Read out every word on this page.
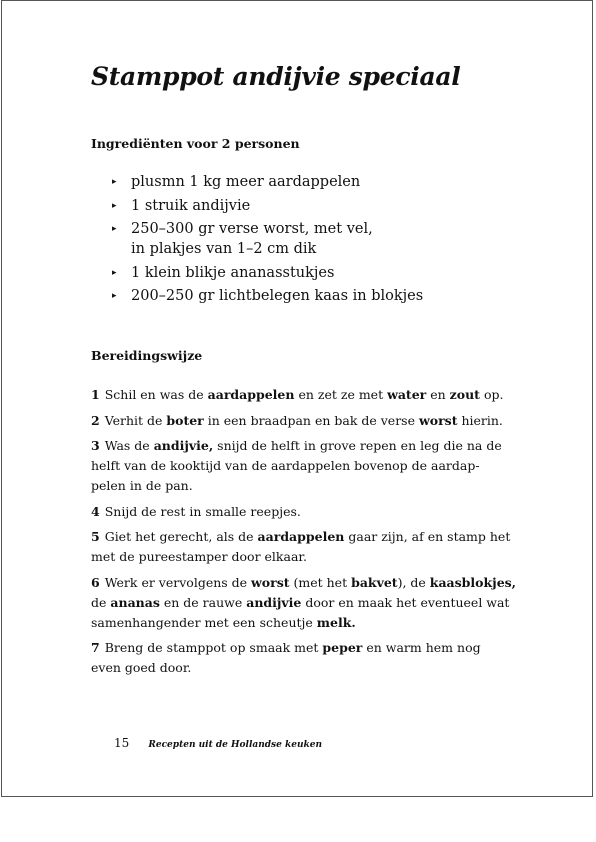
Stamppot andijvie speciaal
Ingrediënten voor 2 personen
▸ plusmn 1 kg meer aardappelen
▸ 1 struik andijvie
▸ 250–300 gr verse worst, met vel,
in plakjes van 1–2 cm dik
▸ 1 klein blikje ananasstukjes
▸ 200–250 gr lichtbelegen kaas in blokjes
Bereidingswijze
1 Schil en was de aardappelen en zet ze met water en zout op.
2 Verhit de boter in een braadpan en bak de verse worst hierin.
3 Was de andijvie, snijd de helft in grove repen en leg die na de
helft van de kooktijd van de aardappelen bovenop de aardap-
pelen in de pan.
4 Snijd de rest in smalle reepjes.
5 Giet het gerecht, als de aardappelen gaar zijn, af en stamp het
met de pureestamper door elkaar.
6 Werk er vervolgens de worst (met het bakvet), de kaasblokjes,
de ananas en de rauwe andijvie door en maak het eventueel wat
samenhangender met een scheutje melk.
7 Breng de stamppot op smaak met peper en warm hem nog
even goed door.
15 Recepten uit de Hollandse keuken
